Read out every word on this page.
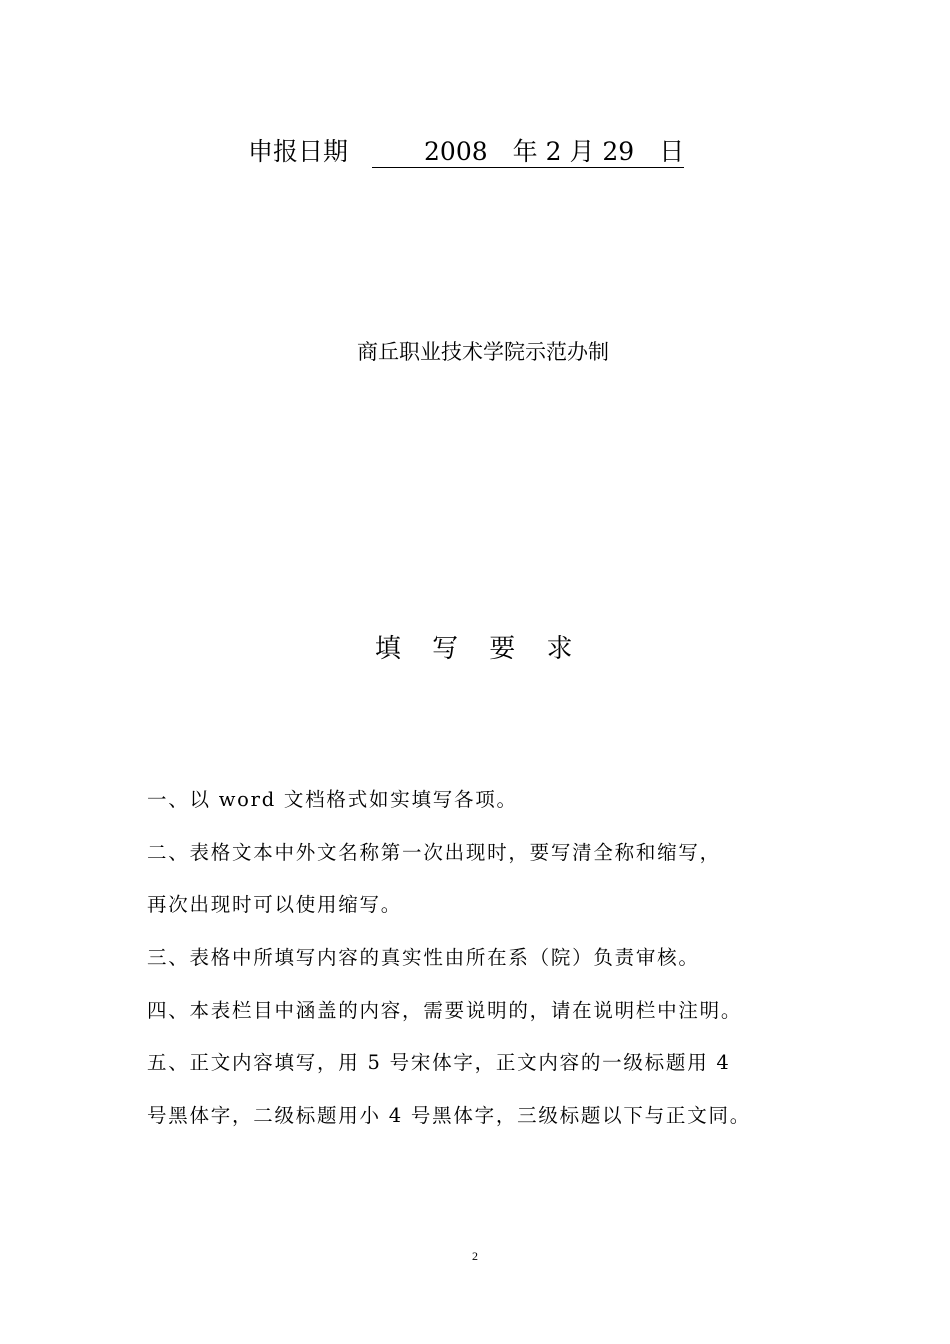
申报日期	2008　年 2 月 29　日
商丘职业技术学院示范办制
填　写　要　求
一、以 word 文档格式如实填写各项。
二、表格文本中外文名称第一次出现时，要写清全称和缩写，
再次出现时可以使用缩写。
三、表格中所填写内容的真实性由所在系（院）负责审核。
四、本表栏目中涵盖的内容，需要说明的，请在说明栏中注明。
五、正文内容填写，用 5 号宋体字，正文内容的一级标题用 4
号黑体字，二级标题用小 4 号黑体字，三级标题以下与正文同。
2
